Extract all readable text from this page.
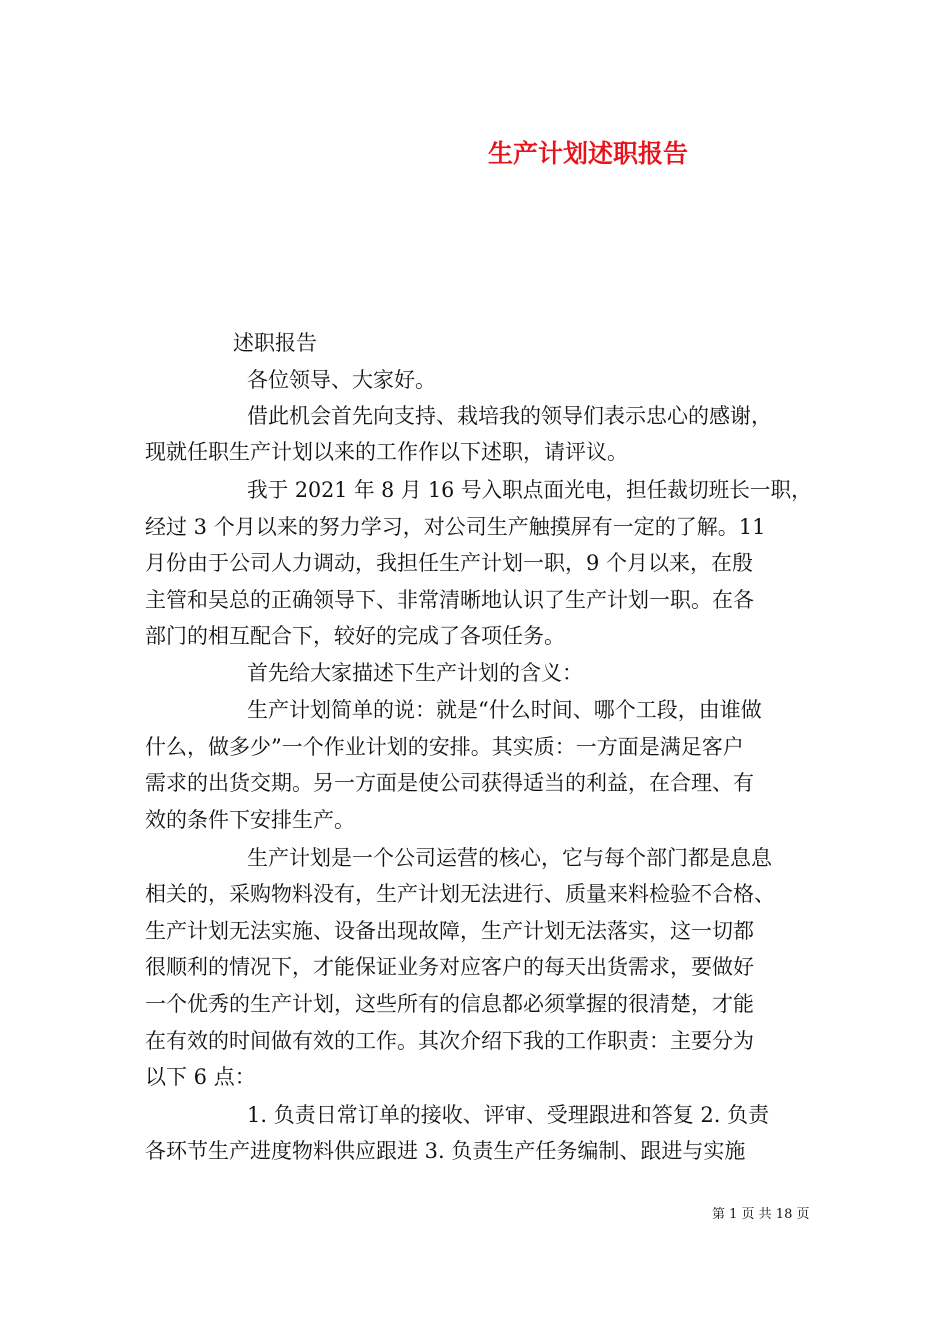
生产计划述职报告
述职报告
各位领导、大家好。
借此机会首先向支持、栽培我的领导们表示忠心的感谢，
现就任职生产计划以来的工作作以下述职，请评议。
我于 2021 年 8 月 16 号入职点面光电，担任裁切班长一职，
经过 3 个月以来的努力学习，对公司生产触摸屏有一定的了解。11
月份由于公司人力调动，我担任生产计划一职，9 个月以来，在殷
主管和吴总的正确领导下、非常清晰地认识了生产计划一职。在各
部门的相互配合下，较好的完成了各项任务。
首先给大家描述下生产计划的含义：
生产计划简单的说：就是“什么时间、哪个工段，由谁做
什么，做多少”一个作业计划的安排。其实质：一方面是满足客户
需求的出货交期。另一方面是使公司获得适当的利益，在合理、有
效的条件下安排生产。
生产计划是一个公司运营的核心，它与每个部门都是息息
相关的，采购物料没有，生产计划无法进行、质量来料检验不合格、
生产计划无法实施、设备出现故障，生产计划无法落实，这一切都
很顺利的情况下，才能保证业务对应客户的每天出货需求，要做好
一个优秀的生产计划，这些所有的信息都必须掌握的很清楚，才能
在有效的时间做有效的工作。其次介绍下我的工作职责：主要分为
以下 6 点：
1. 负责日常订单的接收、评审、受理跟进和答复 2. 负责
各环节生产进度物料供应跟进 3. 负责生产任务编制、跟进与实施
第 1 页 共 18 页
